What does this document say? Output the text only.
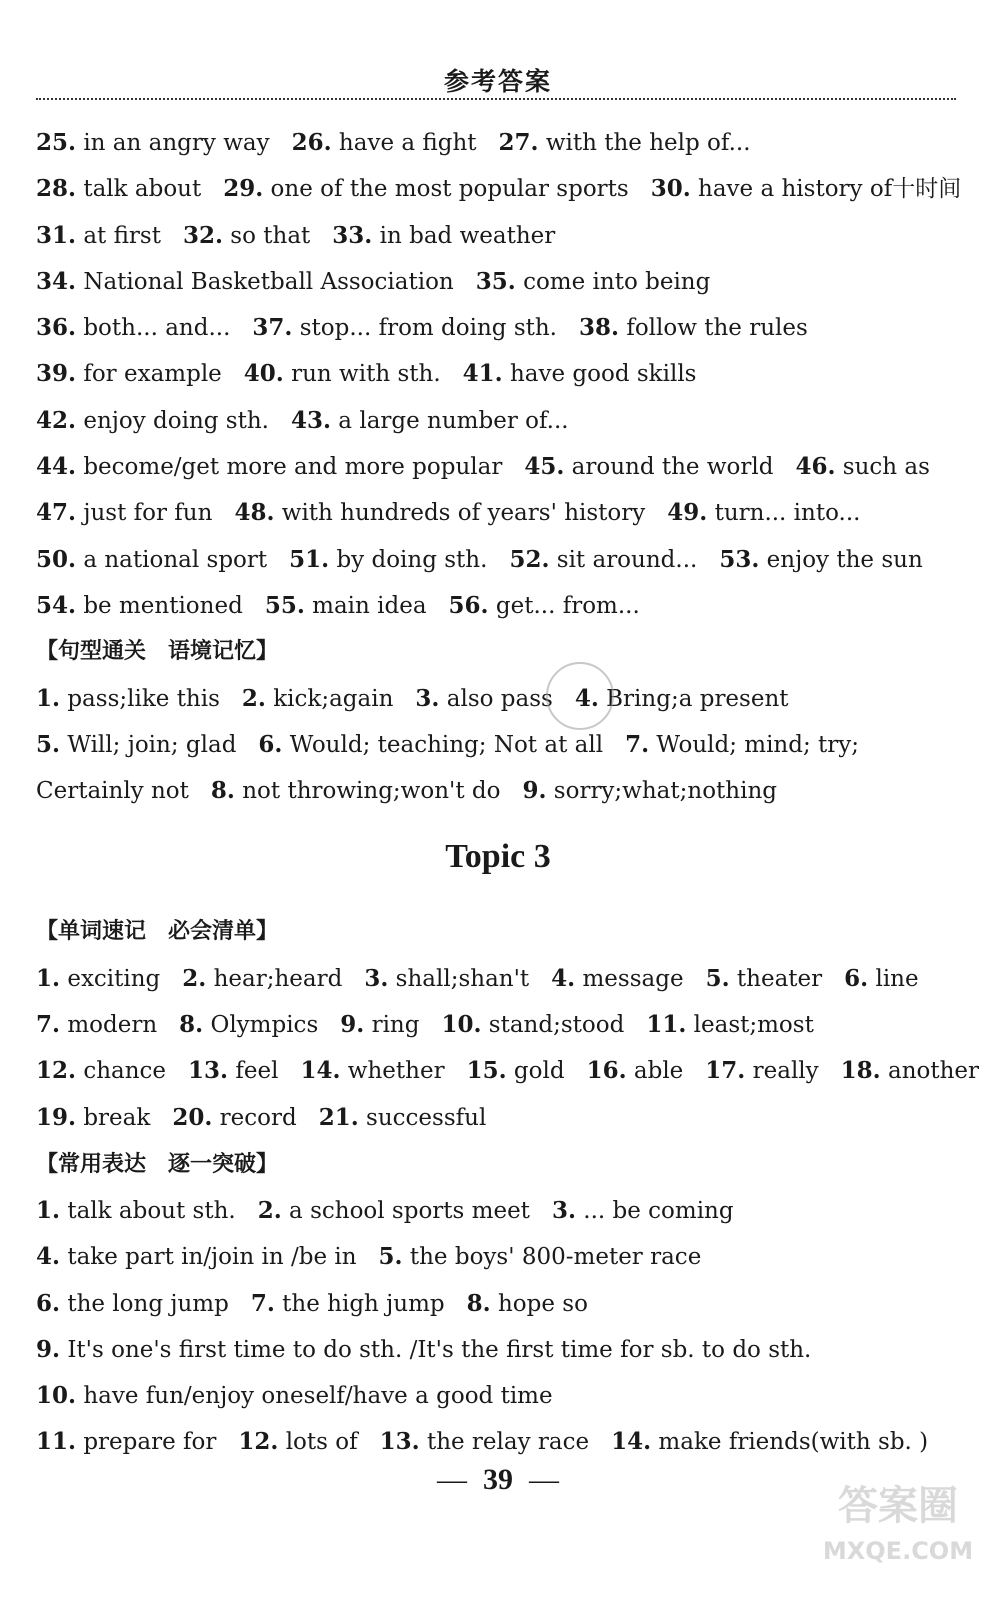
参考答案
25. in an angry way 26. have a fight 27. with the help of...
28. talk about 29. one of the most popular sports 30. have a history of十时间
31. at first 32. so that 33. in bad weather
34. National Basketball Association 35. come into being
36. both... and... 37. stop... from doing sth. 38. follow the rules
39. for example 40. run with sth. 41. have good skills
42. enjoy doing sth. 43. a large number of...
44. become/get more and more popular 45. around the world 46. such as
47. just for fun 48. with hundreds of years' history 49. turn... into...
50. a national sport 51. by doing sth. 52. sit around... 53. enjoy the sun
54. be mentioned 55. main idea 56. get... from...
【句型通关　语境记忆】
1. pass;like this 2. kick;again 3. also pass 4. Bring;a present
5. Will; join; glad 6. Would; teaching; Not at all 7. Would; mind; try;
Certainly not 8. not throwing;won't do 9. sorry;what;nothing
Topic 3
【单词速记　必会清单】
1. exciting 2. hear;heard 3. shall;shan't 4. message 5. theater 6. line
7. modern 8. Olympics 9. ring 10. stand;stood 11. least;most
12. chance 13. feel 14. whether 15. gold 16. able 17. really 18. another
19. break 20. record 21. successful
【常用表达　逐一突破】
1. talk about sth. 2. a school sports meet 3. ... be coming
4. take part in/join in /be in 5. the boys' 800-meter race
6. the long jump 7. the high jump 8. hope so
9. It's one's first time to do sth. /It's the first time for sb. to do sth.
10. have fun/enjoy oneself/have a good time
11. prepare for 12. lots of 13. the relay race 14. make friends(with sb. )
— 39 —
答案圈
MXQE.COM
